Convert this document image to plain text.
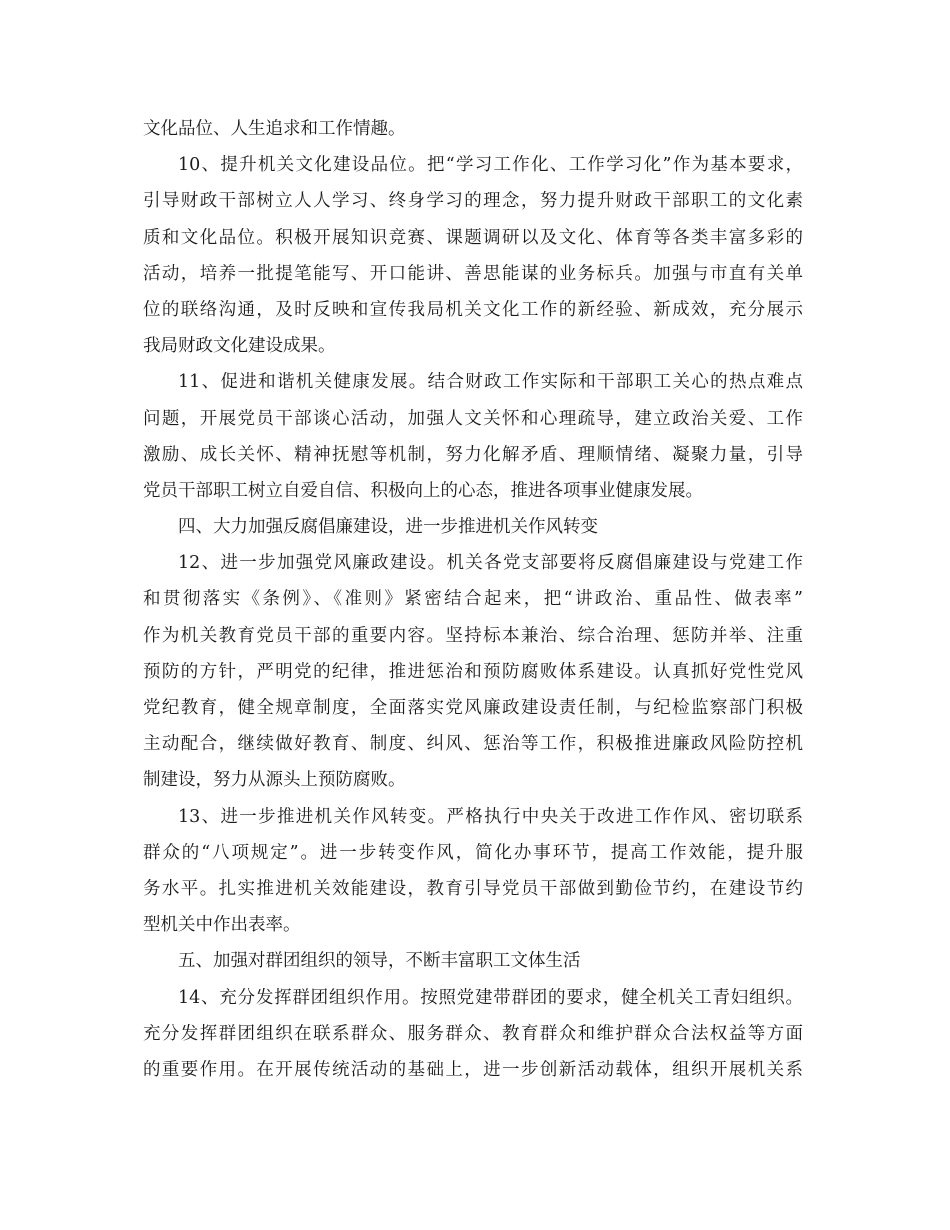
文化品位、人生追求和工作情趣。
10、提升机关文化建设品位。把“学习工作化、工作学习化”作为基本要求，
引导财政干部树立人人学习、终身学习的理念，努力提升财政干部职工的文化素
质和文化品位。积极开展知识竞赛、课题调研以及文化、体育等各类丰富多彩的
活动，培养一批提笔能写、开口能讲、善思能谋的业务标兵。加强与市直有关单
位的联络沟通，及时反映和宣传我局机关文化工作的新经验、新成效，充分展示
我局财政文化建设成果。
11、促进和谐机关健康发展。结合财政工作实际和干部职工关心的热点难点
问题，开展党员干部谈心活动，加强人文关怀和心理疏导，建立政治关爱、工作
激励、成长关怀、精神抚慰等机制，努力化解矛盾、理顺情绪、凝聚力量，引导
党员干部职工树立自爱自信、积极向上的心态，推进各项事业健康发展。
四、大力加强反腐倡廉建设，进一步推进机关作风转变
12、进一步加强党风廉政建设。机关各党支部要将反腐倡廉建设与党建工作
和贯彻落实《条例》、《准则》紧密结合起来，把“讲政治、重品性、做表率”
作为机关教育党员干部的重要内容。坚持标本兼治、综合治理、惩防并举、注重
预防的方针，严明党的纪律，推进惩治和预防腐败体系建设。认真抓好党性党风
党纪教育，健全规章制度，全面落实党风廉政建设责任制，与纪检监察部门积极
主动配合，继续做好教育、制度、纠风、惩治等工作，积极推进廉政风险防控机
制建设，努力从源头上预防腐败。
13、进一步推进机关作风转变。严格执行中央关于改进工作作风、密切联系
群众的“八项规定”。进一步转变作风，简化办事环节，提高工作效能，提升服
务水平。扎实推进机关效能建设，教育引导党员干部做到勤俭节约，在建设节约
型机关中作出表率。
五、加强对群团组织的领导，不断丰富职工文体生活
14、充分发挥群团组织作用。按照党建带群团的要求，健全机关工青妇组织。
充分发挥群团组织在联系群众、服务群众、教育群众和维护群众合法权益等方面
的重要作用。在开展传统活动的基础上，进一步创新活动载体，组织开展机关系
